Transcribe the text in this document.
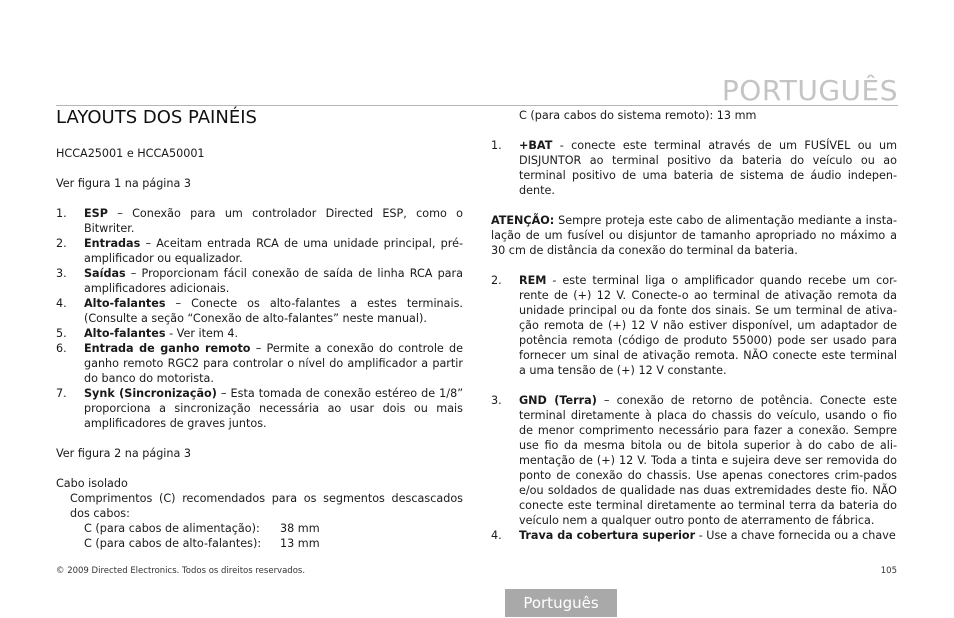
PORTUGUÊS
LAYOUTS DOS PAINÉIS

HCCA25001 e HCCA50001

Ver figura 1 na página 3

1.	ESP – Conexão para um controlador Directed ESP, como o Bitwriter.
2.	Entradas – Aceitam entrada RCA de uma unidade principal, pré-amplificador ou equalizador.
3.	Saídas – Proporcionam fácil conexão de saída de linha RCA para amplificadores adicionais.
4.	Alto-falantes – Conecte os alto-falantes a estes terminais. (Consulte a seção “Conexão de alto-falantes” neste manual).
5.	Alto-falantes - Ver item 4.
6.	Entrada de ganho remoto – Permite a conexão do controle de ganho remoto RGC2 para controlar o nível do amplificador a partir do banco do motorista.
7.	Synk (Sincronização) – Esta tomada de conexão estéreo de 1/8” proporciona a sincronização necessária ao usar dois ou mais amplificadores de graves juntos.

Ver figura 2 na página 3

Cabo isolado

Comprimentos (C) recomendados para os segmentos descascados dos cabos:

C (para cabos de alimentação): 38 mm

C (para cabos de alto-falantes): 13 mm

C (para cabos do sistema remoto): 13 mm

1.	+BAT - conecte este terminal através de um FUSÍVEL ou um DISJUNTOR ao terminal positivo da bateria do veículo ou ao terminal positivo de uma bateria de sistema de áudio indepen-dente.

ATENÇÃO: Sempre proteja este cabo de alimentação mediante a insta-lação de um fusível ou disjuntor de tamanho apropriado no máximo a 30 cm de distância da conexão do terminal da bateria.

2.	REM - este terminal liga o amplificador quando recebe um cor-rente de (+) 12 V. Conecte-o ao terminal de ativação remota da unidade principal ou da fonte dos sinais. Se um terminal de ativa-ção remota de (+) 12 V não estiver disponível, um adaptador de potência remota (código de produto 55000) pode ser usado para fornecer um sinal de ativação remota. NÃO conecte este terminal a uma tensão de (+) 12 V constante.
3.	GND (Terra) – conexão de retorno de potência. Conecte este terminal diretamente à placa do chassis do veículo, usando o fio de menor comprimento necessário para fazer a conexão. Sempre use fio da mesma bitola ou de bitola superior à do cabo de ali-mentação de (+) 12 V. Toda a tinta e sujeira deve ser removida do ponto de conexão do chassis. Use apenas conectores crim-pados e/ou soldados de qualidade nas duas extremidades deste fio. NÃO conecte este terminal diretamente ao terminal terra da bateria do veículo nem a qualquer outro ponto de aterramento de fábrica.
4.	Trava da cobertura superior - Use a chave fornecida ou a chave
© 2009 Directed Electronics. Todos os direitos reservados.	105
Português
